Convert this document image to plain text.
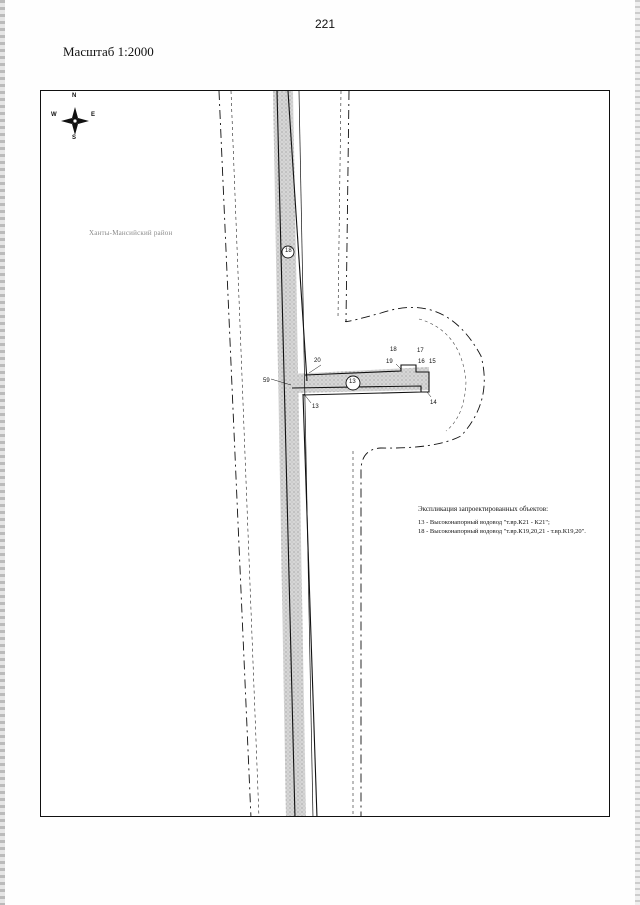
221
Масштаб 1:2000
N
S
E
W
Ханты-Мансийский район
18
13
13
14
15
16
17
18
19
20
59
Экспликация запроектированных объектов:
13 - Высоконапорный водовод "т.вр.К21 - К21";
18 - Высоконапорный водовод "т.вр.К19,20,21 - т.вр.К19,20".
